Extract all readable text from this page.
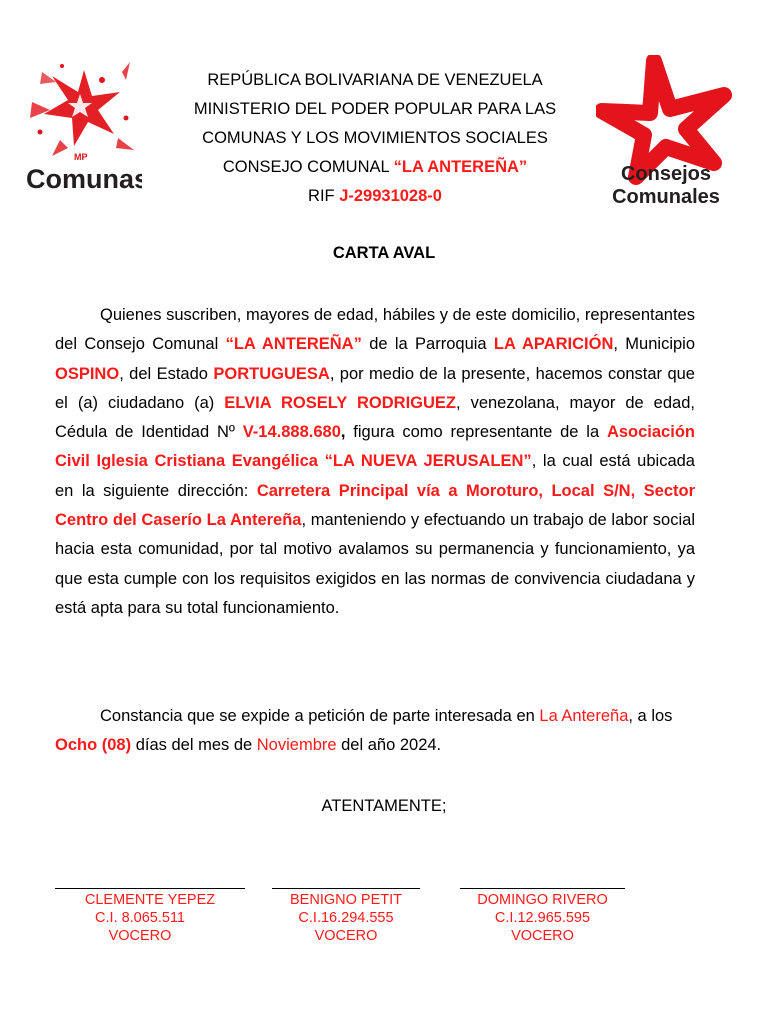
MP
Comunas	Consejos
Comunales
REPÚBLICA BOLIVARIANA DE VENEZUELA
MINISTERIO DEL PODER POPULAR PARA LAS
COMUNAS Y LOS MOVIMIENTOS SOCIALES
CONSEJO COMUNAL “LA ANTEREÑA”
RIF J-29931028-0
CARTA AVAL

Quienes suscriben, mayores de edad, hábiles y de este domicilio, representantes del Consejo Comunal “LA ANTEREÑA” de la Parroquia LA APARICIÓN, Municipio OSPINO, del Estado PORTUGUESA, por medio de la presente, hacemos constar que el (a) ciudadano (a) ELVIA ROSELY RODRIGUEZ, venezolana, mayor de edad, Cédula de Identidad Nº V-14.888.680, figura como representante de la Asociación Civil Iglesia Cristiana Evangélica “LA NUEVA JERUSALEN”, la cual está ubicada en la siguiente dirección: Carretera Principal vía a Moroturo, Local S/N, Sector Centro del Caserío La Antereña, manteniendo y efectuando un trabajo de labor social hacia esta comunidad, por tal motivo avalamos su permanencia y funcionamiento, ya que esta cumple con los requisitos exigidos en las normas de convivencia ciudadana y está apta para su total funcionamiento.

Constancia que se expide a petición de parte interesada en La Antereña, a los Ocho (08) días del mes de Noviembre del año 2024.

ATENTAMENTE;
CLEMENTE YEPEZ
C.I. 8.065.511
VOCERO
BENIGNO PETIT
C.I.16.294.555
VOCERO
DOMINGO RIVERO
C.I.12.965.595
VOCERO
